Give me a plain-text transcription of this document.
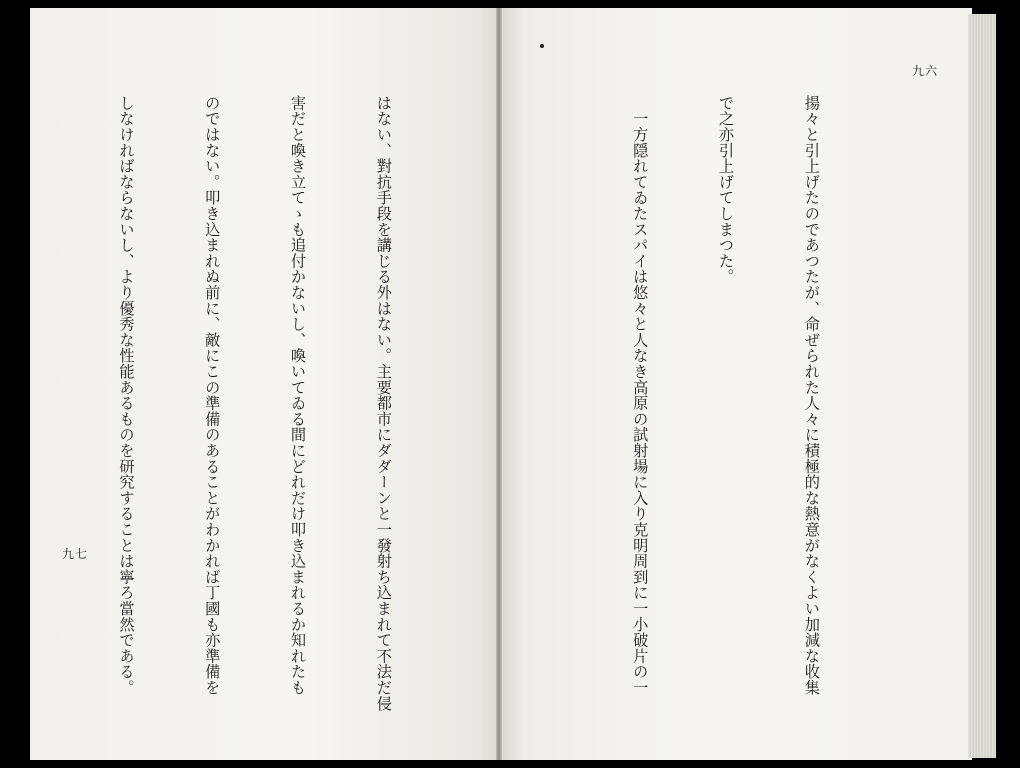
九七
九六

はない、對抗手段を講じる外はない。主要都市にダダーンと一發射ち込まれて不法だ侵

害だと喚き立てゝも追付かないし、喚いてゐる間にどれだけ叩き込まれるか知れたも

のではない。叩き込まれぬ前に、敵にこの準備のあることがわかれば丁國も亦準備を

しなければならないし、より優秀な性能あるものを研究することは寧ろ當然である。

	揚々と引上げたのであつたが、命ぜられた人々に積極的な熱意がなくよい加減な收集

で之亦引上げてしまつた。

　一方隠れてゐたスパイは悠々と人なき高原の試射場に入り克明周到に一小破片の一
